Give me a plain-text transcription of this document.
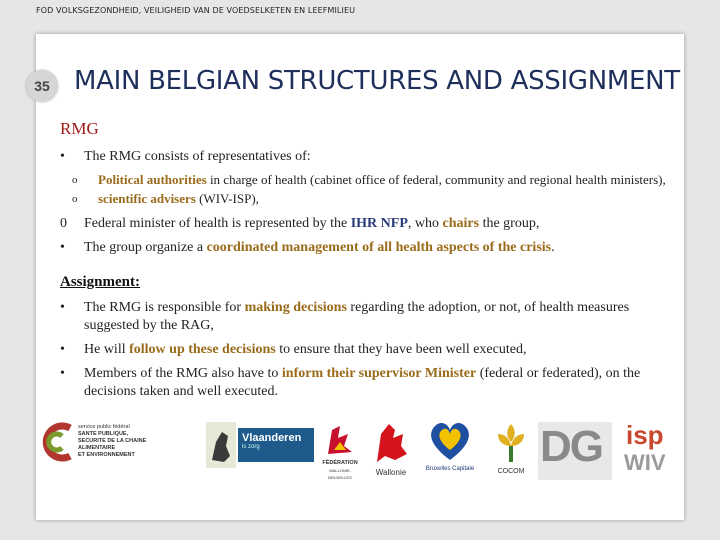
FOD VOLKSGEZONDHEID, VEILIGHEID VAN DE VOEDSELKETEN EN LEEFMILIEU
35 MAIN BELGIAN STRUCTURES AND ASSIGNMENT
RMG
• The RMG consists of representatives of:
o Political authorities in charge of health (cabinet office of federal, community and regional health ministers),
o scientific advisers (WIV-ISP),
0 Federal minister of health is represented by the IHR NFP, who chairs the group,
• The group organize a coordinated management of all health aspects of the crisis.
Assignment:
• The RMG is responsible for making decisions regarding the adoption, or not, of health measures suggested by the RAG,
• He will follow up these decisions to ensure that they have been well executed,
• Members of the RMG also have to inform their supervisor Minister (federal or federated), on the decisions taken and well executed.
service public fédéral
SANTE PUBLIQUE,
SECURITE DE LA CHAINE ALIMENTAIRE
ET ENVIRONNEMENT
Vlaanderen
is zorg
FÉDÉRATION
WALLONIE-BRUXELLES
Wallonie	Bruxelles Capitale	COCOM
DG isp
WIV
